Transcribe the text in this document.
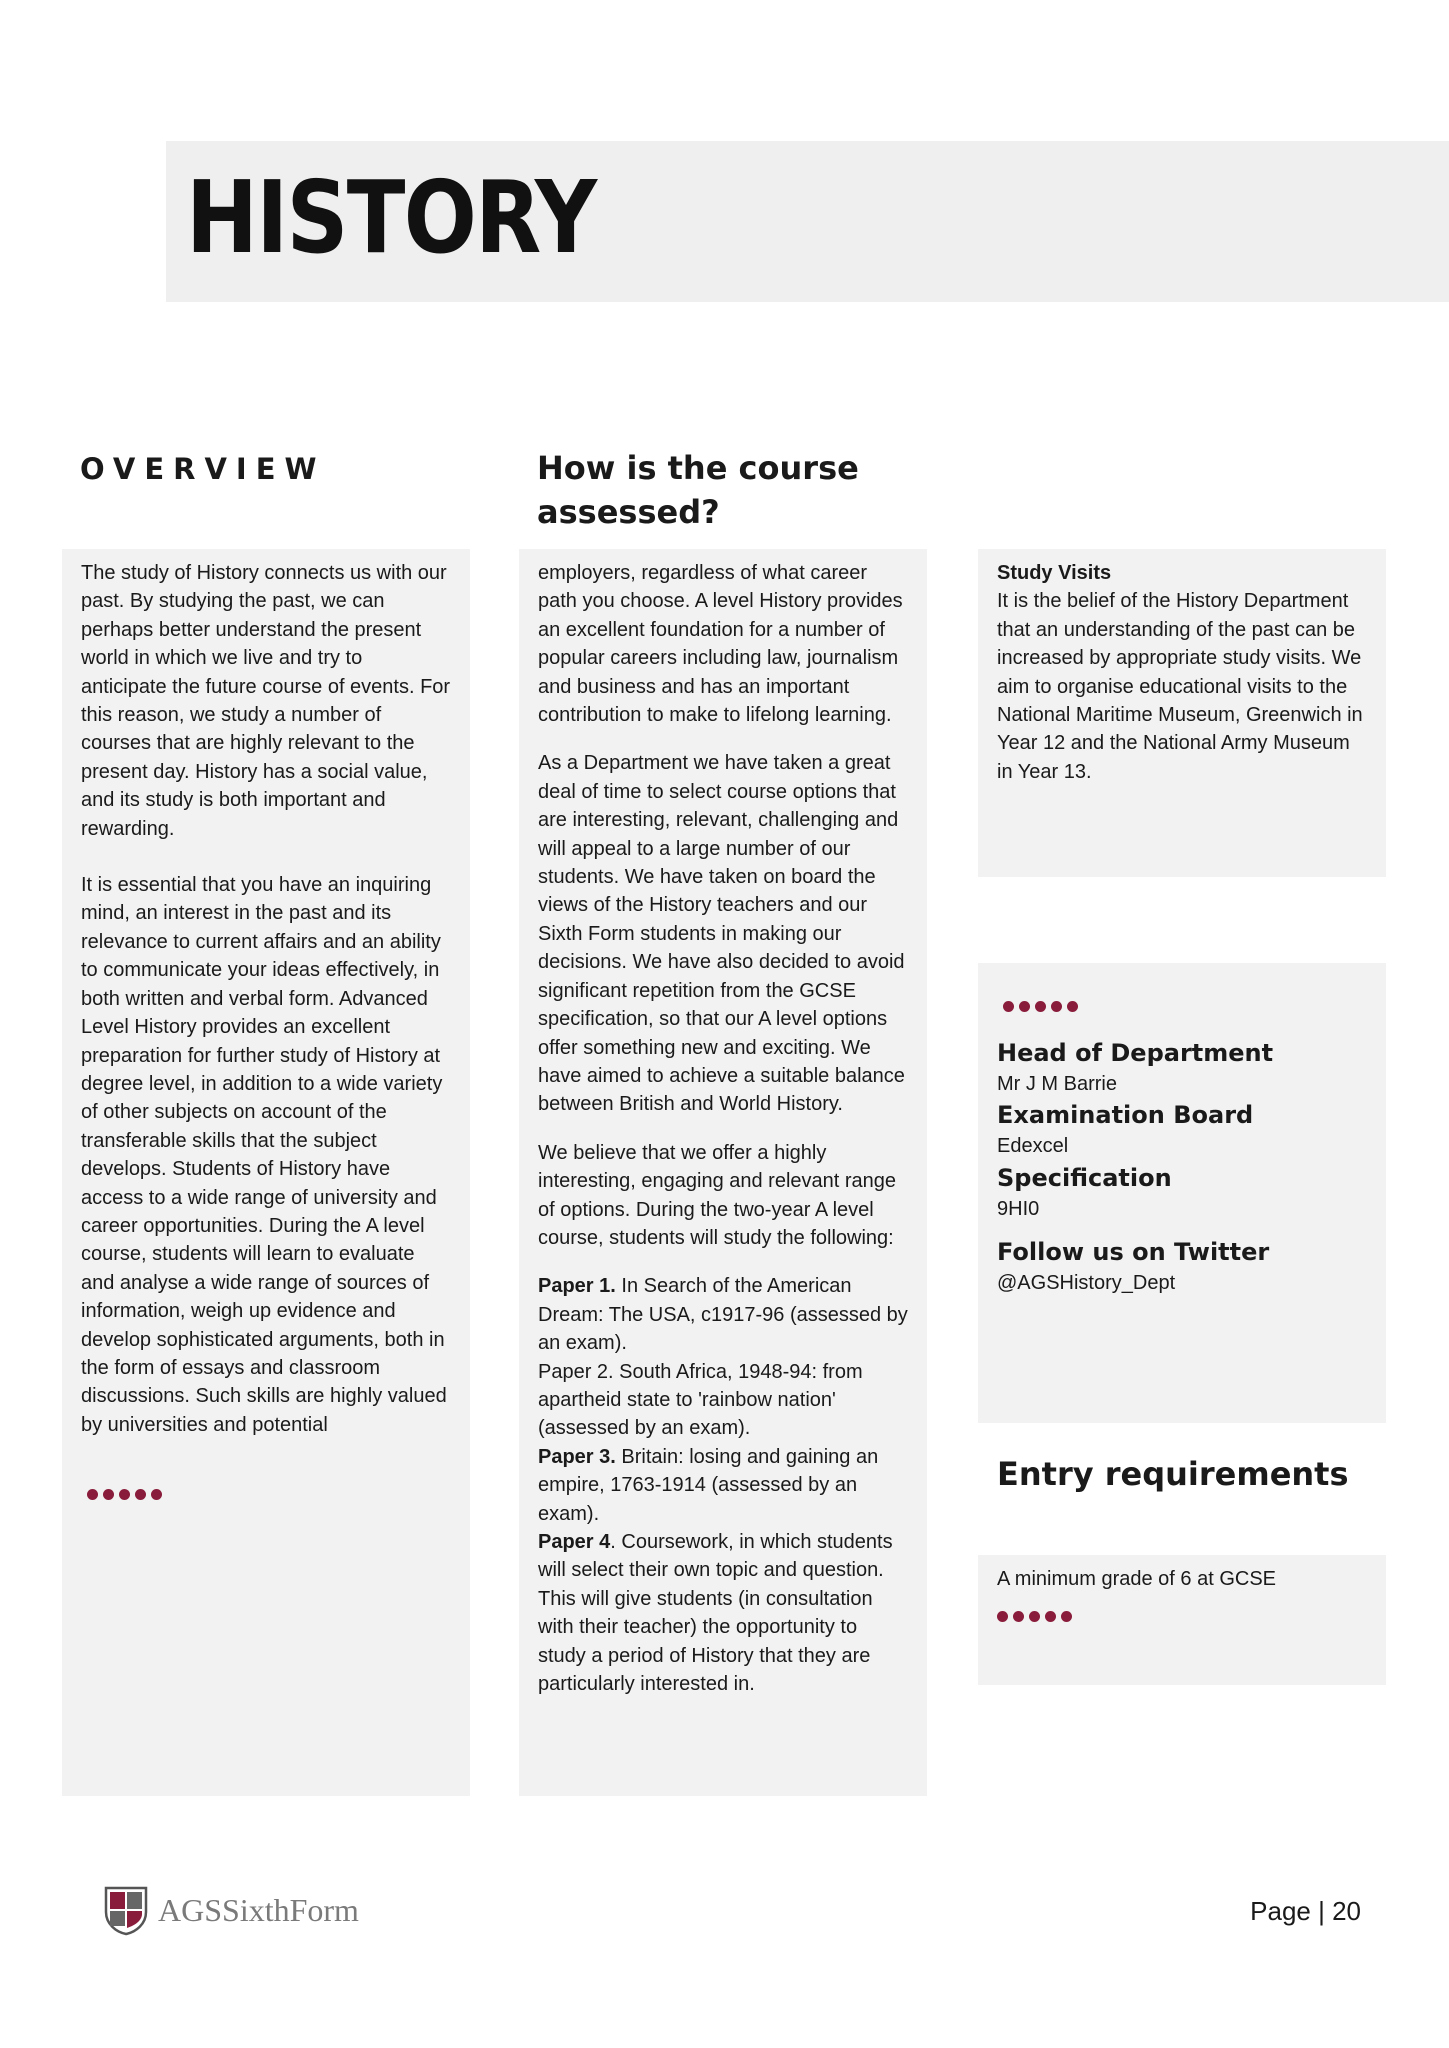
HISTORY
OVERVIEW	How is the course assessed?

The study of History connects us with our past. By studying the past, we can perhaps better understand the present world in which we live and try to anticipate the future course of events. For this reason, we study a number of courses that are highly relevant to the present day. History has a social value, and its study is both important and rewarding.

It is essential that you have an inquiring mind, an interest in the past and its relevance to current affairs and an ability to communicate your ideas effectively, in both written and verbal form. Advanced Level History provides an excellent preparation for further study of History at degree level, in addition to a wide variety of other subjects on account of the transferable skills that the subject develops. Students of History have access to a wide range of university and career opportunities. During the A level course, students will learn to evaluate and analyse a wide range of sources of information, weigh up evidence and develop sophisticated arguments, both in the form of essays and classroom discussions. Such skills are highly valued by universities and potential

employers, regardless of what career path you choose. A level History provides an excellent foundation for a number of popular careers including law, journalism and business and has an important contribution to make to lifelong learning.

As a Department we have taken a great deal of time to select course options that are interesting, relevant, challenging and will appeal to a large number of our students. We have taken on board the views of the History teachers and our Sixth Form students in making our decisions. We have also decided to avoid significant repetition from the GCSE specification, so that our A level options offer something new and exciting. We have aimed to achieve a suitable balance between British and World History.

We believe that we offer a highly interesting, engaging and relevant range of options. During the two-year A level course, students will study the following:

Paper 1. In Search of the American Dream: The USA, c1917-96 (assessed by an exam).

Paper 2. South Africa, 1948-94: from apartheid state to 'rainbow nation' (assessed by an exam).

Paper 3. Britain: losing and gaining an empire, 1763-1914 (assessed by an exam).

Paper 4. Coursework, in which students will select their own topic and question. This will give students (in consultation with their teacher) the opportunity to study a period of History that they are particularly interested in.

Study Visits

It is the belief of the History Department that an understanding of the past can be increased by appropriate study visits. We aim to organise educational visits to the National Maritime Museum, Greenwich in Year 12 and the National Army Museum in Year 13.

Head of Department

Mr J M Barrie

Examination Board

Edexcel

Specification

9HI0

Follow us on Twitter

@AGSHistory_Dept

Entry requirements

A minimum grade of 6 at GCSE

AGSSixthForm	Page | 20
